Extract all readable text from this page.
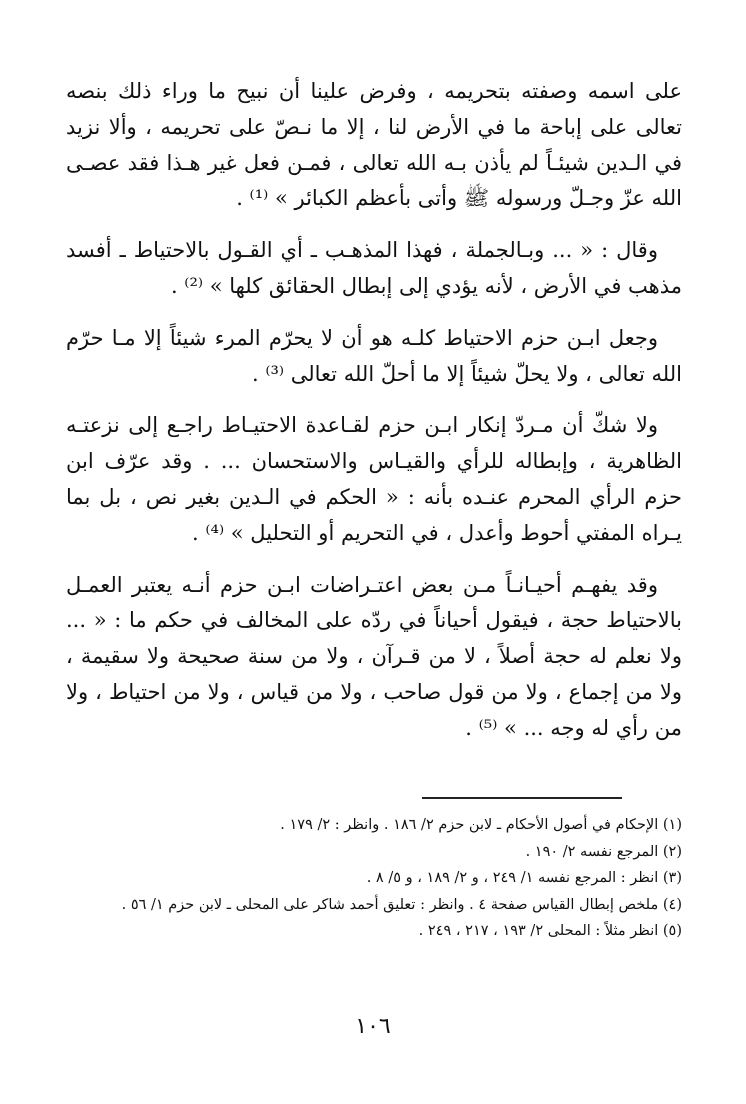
على اسمه وصفته بتحريمه ، وفرض علينا أن نبيح ما وراء ذلك بنصه تعالى على إباحة ما في الأرض لنا ، إلا ما نـصّ على تحريمه ، وألا نزيد في الـدين شيئـاً لم يأذن بـه الله تعالى ، فمـن فعل غير هـذا فقد عصـى الله عزّ وجـلّ ورسوله ﷺ وأتى بأعظم الكبائر » ⁽¹⁾ .

وقال : « ... وبـالجملة ، فهذا المذهـب ـ أي القـول بالاحتياط ـ أفسد مذهب في الأرض ، لأنه يؤدي إلى إبطال الحقائق كلها » ⁽²⁾ .

وجعل ابـن حزم الاحتياط كلـه هو أن لا يحرّم المرء شيئاً إلا مـا حرّم الله تعالى ، ولا يحلّ شيئاً إلا ما أحلّ الله تعالى ⁽³⁾ .

ولا شكّ أن مـردّ إنكار ابـن حزم لقـاعدة الاحتيـاط راجـع إلى نزعتـه الظاهرية ، وإبطاله للرأي والقيـاس والاستحسان ... . وقد عرّف ابن حزم الرأي المحرم عنـده بأنه : « الحكم في الـدين بغير نص ، بل بما يـراه المفتي أحوط وأعدل ، في التحريم أو التحليل » ⁽⁴⁾ .

وقد يفهـم أحيـانـاً مـن بعض اعتـراضات ابـن حزم أنـه يعتبر العمـل بالاحتياط حجة ، فيقول أحياناً في ردّه على المخالف في حكم ما : « ... ولا نعلم له حجة أصلاً ، لا من قـرآن ، ولا من سنة صحيحة ولا سقيمة ، ولا من إجماع ، ولا من قول صاحب ، ولا من قياس ، ولا من احتياط ، ولا من رأي له وجه ... » ⁽⁵⁾ .

(١) الإحكام في أصول الأحكام ـ لابن حزم ٢/ ١٨٦ . وانظر : ٢/ ١٧٩ .
(٢) المرجع نفسه ٢/ ١٩٠ .
(٣) انظر : المرجع نفسه ١/ ٢٤٩ ، و ٢/ ١٨٩ ، و ٥/ ٨ .
(٤) ملخص إبطال القياس صفحة ٤ . وانظر : تعليق أحمد شاكر على المحلى ـ لابن حزم ١/ ٥٦ .
(٥) انظر مثلاً : المحلى ٢/ ١٩٣ ، ٢١٧ ، ٢٤٩ .
١٠٦
